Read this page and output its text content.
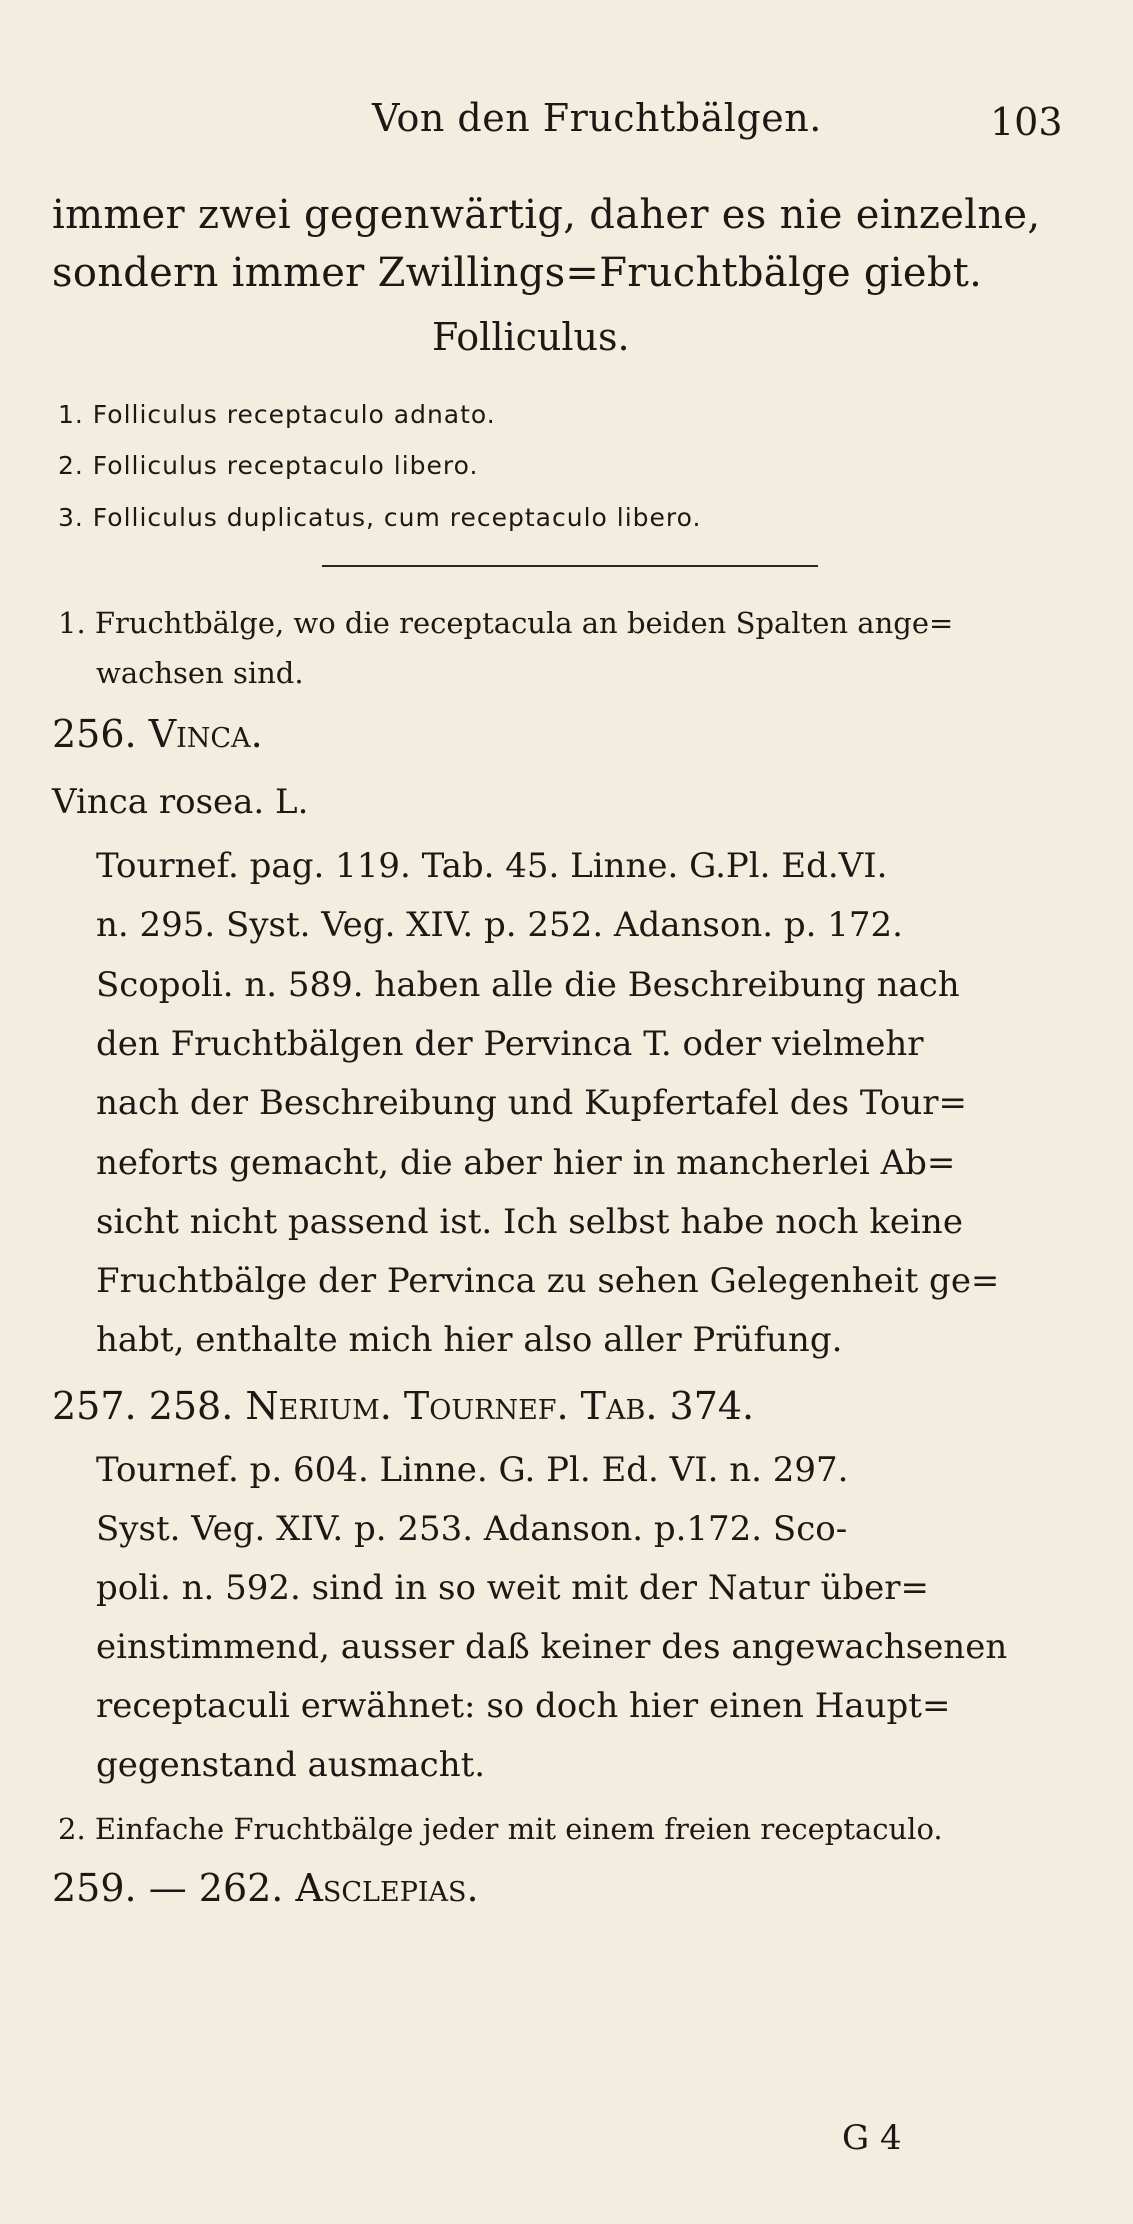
Von den Fruchtbälgen.	103
immer zwei gegenwärtig, daher es nie einzelne,
sondern immer Zwillings=Fruchtbälge giebt.
Folliculus.
1. Folliculus receptaculo adnato.
2. Folliculus receptaculo libero.
3. Folliculus duplicatus, cum receptaculo libero.
1. Fruchtbälge, wo die receptacula an beiden Spalten ange=
wachsen sind.
256. Vinca.
Vinca rosea. L.
Tournef. pag. 119. Tab. 45. Linne. G.Pl. Ed.VI.
n. 295. Syst. Veg. XIV. p. 252. Adanson. p. 172.
Scopoli. n. 589. haben alle die Beschreibung nach
den Fruchtbälgen der Pervinca T. oder vielmehr
nach der Beschreibung und Kupfertafel des Tour=
neforts gemacht, die aber hier in mancherlei Ab=
sicht nicht passend ist. Ich selbst habe noch keine
Fruchtbälge der Pervinca zu sehen Gelegenheit ge=
habt, enthalte mich hier also aller Prüfung.
257. 258. Nerium. Tournef. Tab. 374.
Tournef. p. 604. Linne. G. Pl. Ed. VI. n. 297.
Syst. Veg. XIV. p. 253. Adanson. p.172. Sco-
poli. n. 592. sind in so weit mit der Natur über=
einstimmend, ausser daß keiner des angewachsenen
receptaculi erwähnet: so doch hier einen Haupt=
gegenstand ausmacht.
2. Einfache Fruchtbälge jeder mit einem freien receptaculo.
259. — 262. Asclepias.
G 4
